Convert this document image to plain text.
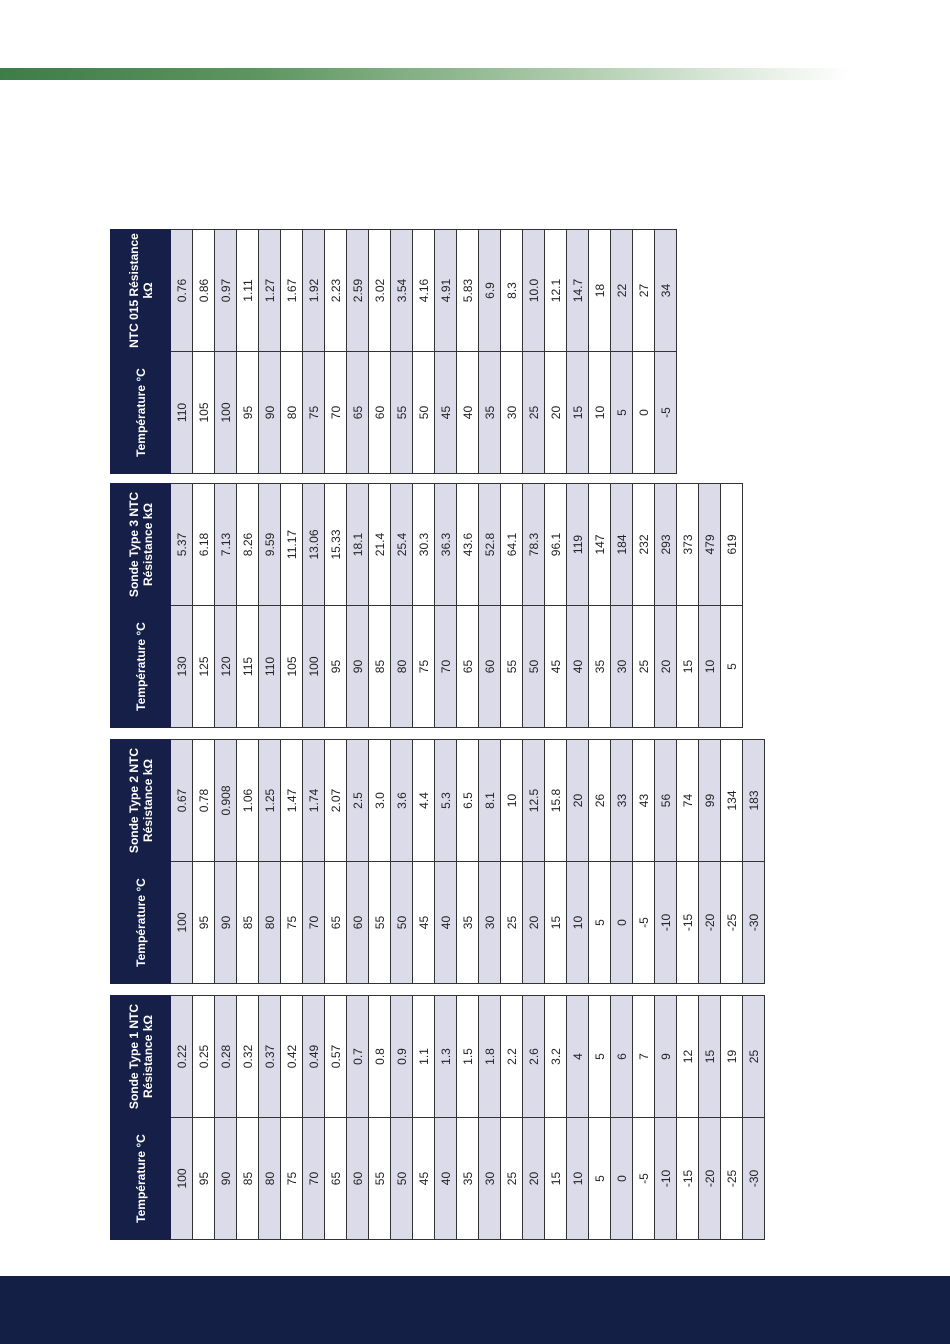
Température °C	Sonde Type 1 NTC Résistance kΩ
100	0.22
95	0.25
90	0.28
85	0.32
80	0.37
75	0.42
70	0.49
65	0.57
60	0.7
55	0.8
50	0.9
45	1.1
40	1.3
35	1.5
30	1.8
25	2.2
20	2.6
15	3.2
10	4
5	5
0	6
-5	7
-10	9
-15	12
-20	15
-25	19
-30	25
Température °C	Sonde Type 2 NTC Résistance kΩ
100	0.67
95	0.78
90	0.908
85	1.06
80	1.25
75	1.47
70	1.74
65	2.07
60	2.5
55	3.0
50	3.6
45	4.4
40	5.3
35	6.5
30	8.1
25	10
20	12.5
15	15.8
10	20
5	26
0	33
-5	43
-10	56
-15	74
-20	99
-25	134
-30	183
Température °C	Sonde Type 3 NTC Résistance kΩ
130	5.37
125	6.18
120	7.13
115	8.26
110	9.59
105	11.17
100	13.06
95	15.33
90	18.1
85	21.4
80	25.4
75	30.3
70	36.3
65	43.6
60	52.8
55	64.1
50	78.3
45	96.1
40	119
35	147
30	184
25	232
20	293
15	373
10	479
5	619
Température °C	NTC 015 Résistance kΩ
110	0.76
105	0.86
100	0.97
95	1.11
90	1.27
80	1.67
75	1.92
70	2.23
65	2.59
60	3.02
55	3.54
50	4.16
45	4.91
40	5.83
35	6.9
30	8.3
25	10.0
20	12.1
15	14.7
10	18
5	22
0	27
-5	34
